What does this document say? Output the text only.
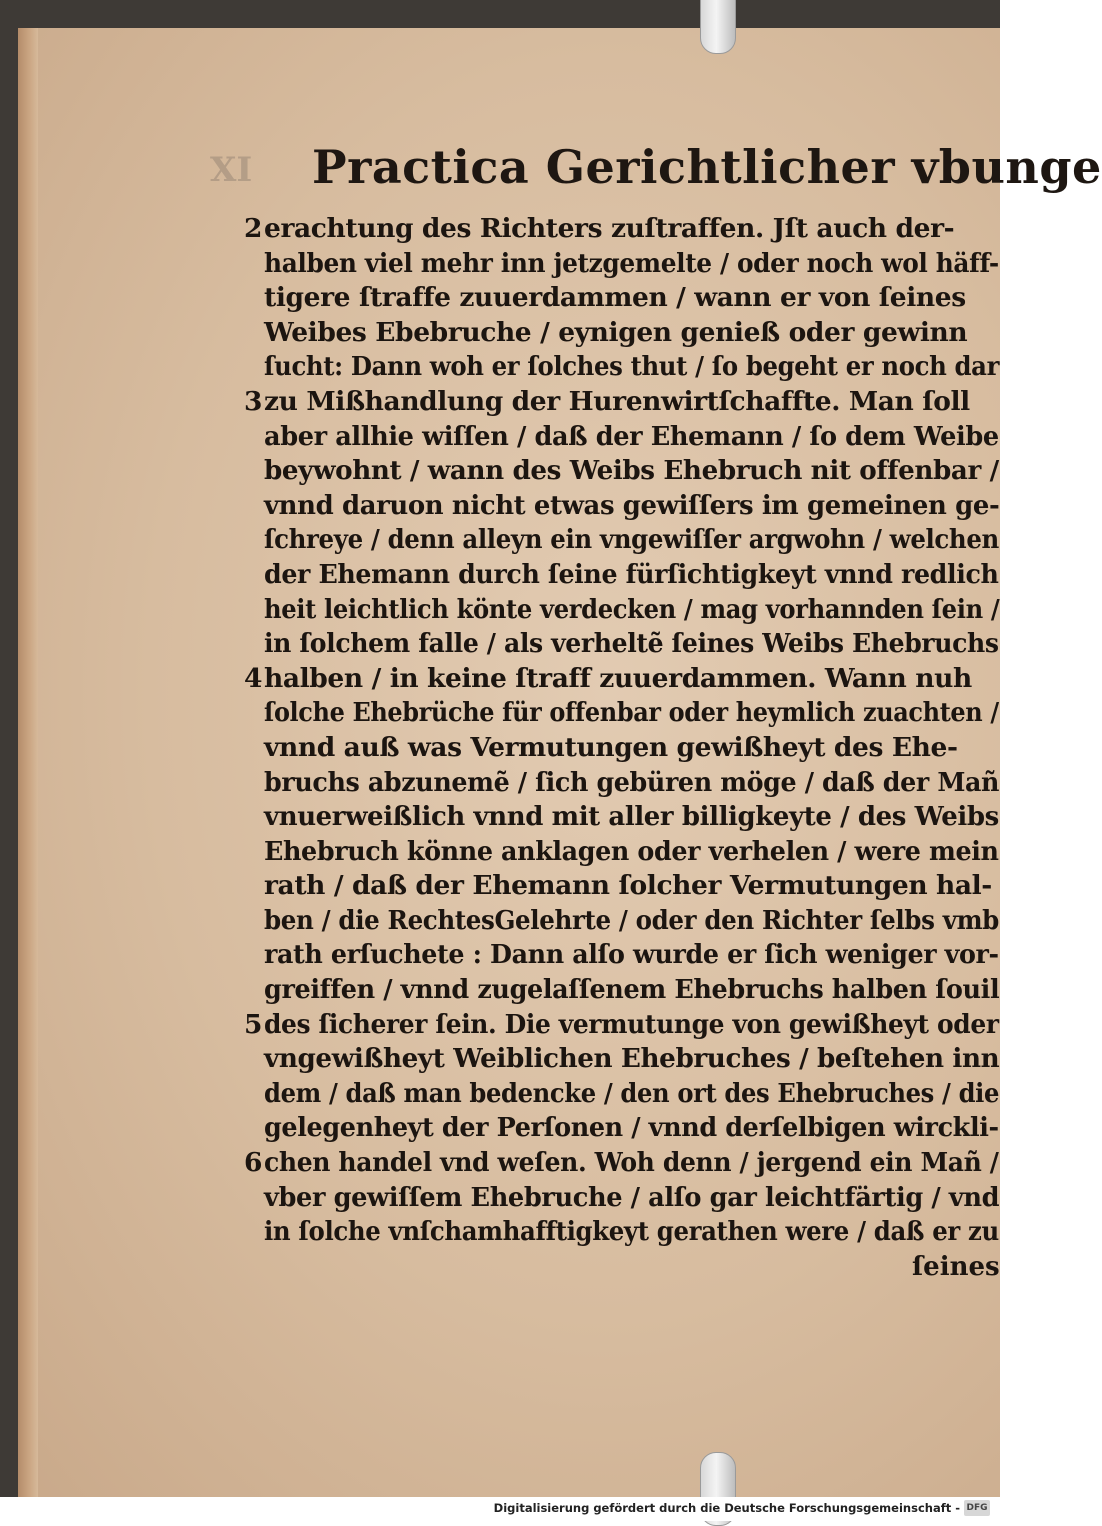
XI Practica Gerichtlicher vbunge
2 erachtung des Richters zuſtraffen. Jſt auch der-
halben viel mehr inn jetzgemelte / oder noch wol häff-
tigere ſtraffe zuuerdammen / wann er von ſeines
Weibes Ebebruche / eynigen genieß oder gewinn
ſucht: Dann woh er ſolches thut / ſo begeht er noch dar
3 zu Mißhandlung der Hurenwirtſchaffte. Man ſoll
aber allhie wiſſen / daß der Ehemann / ſo dem Weibe
beywohnt / wann des Weibs Ehebruch nit offenbar /
vnnd daruon nicht etwas gewiſſers im gemeinen ge-
ſchreye / denn alleyn ein vngewiſſer argwohn / welchen
der Ehemann durch ſeine fürſichtigkeyt vnnd redlich
heit leichtlich könte verdecken / mag vorhannden ſein /
in ſolchem falle / als verheltẽ ſeines Weibs Ehebruchs
4 halben / in keine ſtraff zuuerdammen. Wann nuh
ſolche Ehebrüche für offenbar oder heymlich zuachten /
vnnd auß was Vermutungen gewißheyt des Ehe-
bruchs abzunemẽ / ſich gebüren möge / daß der Mañ
vnuerweißlich vnnd mit aller billigkeyte / des Weibs
Ehebruch könne anklagen oder verhelen / were mein
rath / daß der Ehemann ſolcher Vermutungen hal-
ben / die RechtesGelehrte / oder den Richter ſelbs vmb
rath erſuchete : Dann alſo wurde er ſich weniger vor-
greiffen / vnnd zugelaſſenem Ehebruchs halben ſouil
5 des ſicherer ſein. Die vermutunge von gewißheyt oder
vngewißheyt Weiblichen Ehebruches / beſtehen inn
dem / daß man bedencke / den ort des Ehebruches / die
gelegenheyt der Perſonen / vnnd derſelbigen wirckli-
6 chen handel vnd weſen. Woh denn / jergend ein Mañ /
vber gewiſſem Ehebruche / alſo gar leichtfärtig / vnd
in ſolche vnſchamhafftigkeyt gerathen were / daß er zu
ſeines
Digitalisierung gefördert durch die Deutsche Forschungsgemeinschaft - DFG
